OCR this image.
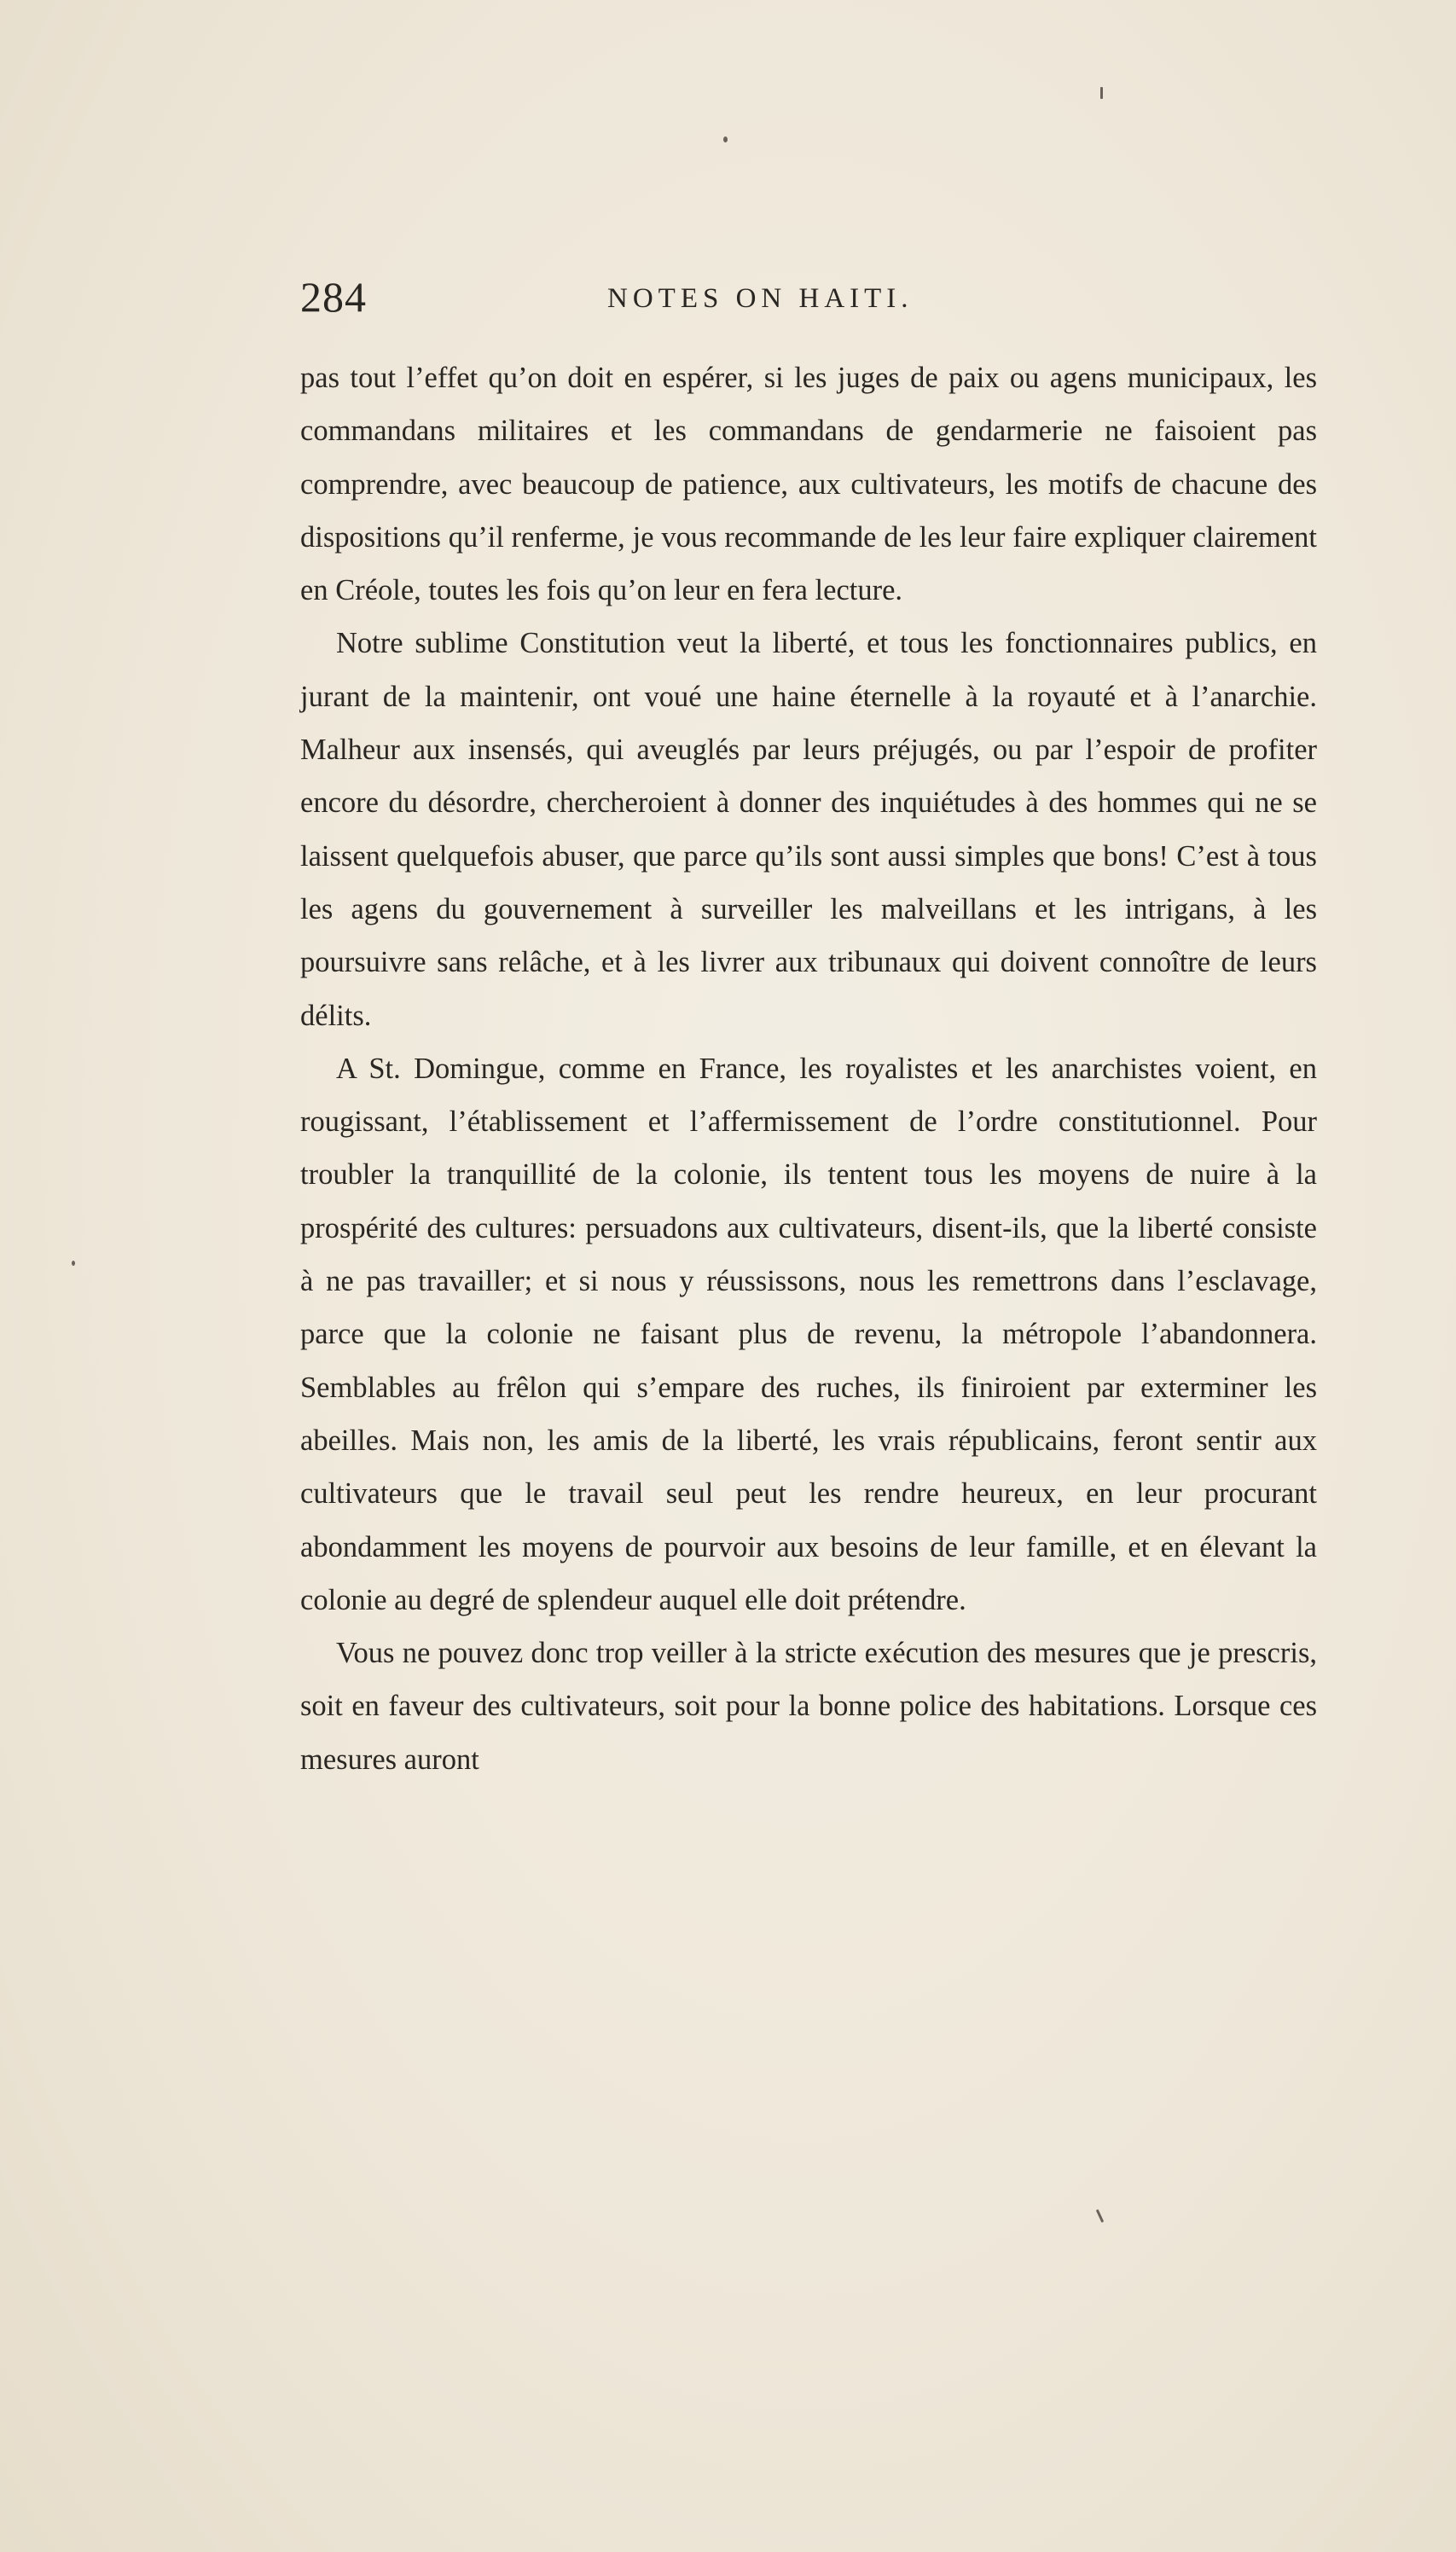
284	NOTES ON HAITI.

pas tout l’effet qu’on doit en espérer, si les juges de paix ou agens municipaux, les commandans militaires et les commandans de gendarmerie ne faisoient pas comprendre, avec beaucoup de patience, aux cultivateurs, les motifs de chacune des dispositions qu’il renferme, je vous recommande de les leur faire expliquer clairement en Créole, toutes les fois qu’on leur en fera lecture.

Notre sublime Constitution veut la liberté, et tous les fonctionnaires publics, en jurant de la maintenir, ont voué une haine éternelle à la royauté et à l’anarchie. Malheur aux insensés, qui aveuglés par leurs préjugés, ou par l’espoir de profiter encore du désordre, chercheroient à donner des inquiétudes à des hommes qui ne se laissent quelquefois abuser, que parce qu’ils sont aussi simples que bons! C’est à tous les agens du gouvernement à surveiller les malveillans et les intrigans, à les poursuivre sans relâche, et à les livrer aux tribunaux qui doivent connoître de leurs délits.

A St. Domingue, comme en France, les royalistes et les anarchistes voient, en rougissant, l’établissement et l’affermissement de l’ordre constitutionnel. Pour troubler la tranquillité de la colonie, ils tentent tous les moyens de nuire à la prospérité des cultures: persuadons aux cultivateurs, disent-ils, que la liberté consiste à ne pas travailler; et si nous y réussissons, nous les remettrons dans l’esclavage, parce que la colonie ne faisant plus de revenu, la métropole l’abandonnera. Semblables au frêlon qui s’empare des ruches, ils finiroient par exterminer les abeilles. Mais non, les amis de la liberté, les vrais républicains, feront sentir aux cultivateurs que le travail seul peut les rendre heureux, en leur procurant abondamment les moyens de pourvoir aux besoins de leur famille, et en élevant la colonie au degré de splendeur auquel elle doit prétendre.

Vous ne pouvez donc trop veiller à la stricte exécution des mesures que je prescris, soit en faveur des cultivateurs, soit pour la bonne police des habitations. Lorsque ces mesures auront
